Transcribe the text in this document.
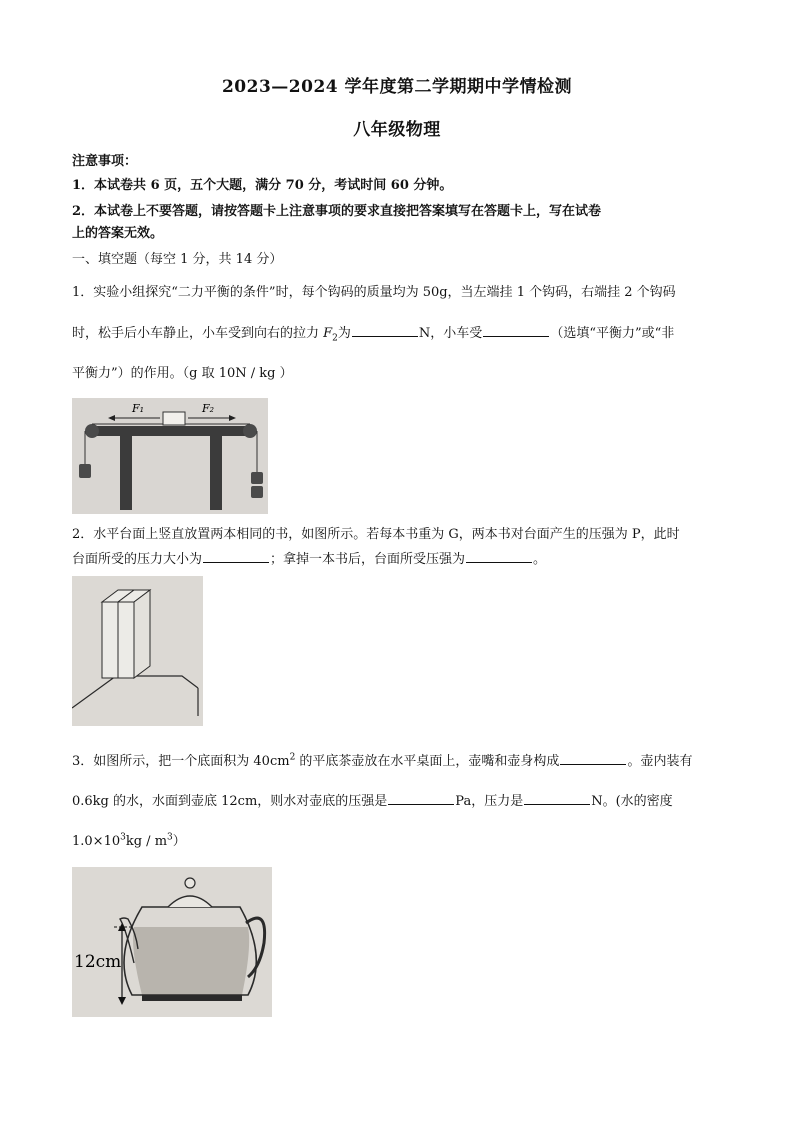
2023—2024 学年度第二学期期中学情检测
八年级物理
注意事项：
1．本试卷共 6 页，五个大题，满分 70 分，考试时间 60 分钟。
2．本试卷上不要答题，请按答题卡上注意事项的要求直接把答案填写在答题卡上，写在试卷
上的答案无效。
一、填空题（每空 1 分，共 14 分）
1．实验小组探究“二力平衡的条件”时，每个钩码的质量均为 50g，当左端挂 1 个钩码，右端挂 2 个钩码
时，松手后小车静止，小车受到向右的拉力 $F_2$为	N，小车受	（选填“平衡力”或“非
平衡力”）的作用。（g 取 10N / kg ）
F₁	F₂
2．水平台面上竖直放置两本相同的书，如图所示。若每本书重为 G，两本书对台面产生的压强为 P，此时
台面所受的压力大小为	；拿掉一本书后，台面所受压强为	。
3．如图所示，把一个底面积为 $40cm^2$ 的平底茶壶放在水平桌面上，壶嘴和壶身构成	。壶内装有
0.6kg 的水，水面到壶底 12cm，则水对壶底的压强是	Pa，压力是	N。(水的密度
$1.0\times 10^3kg / m^3$）
12cm
